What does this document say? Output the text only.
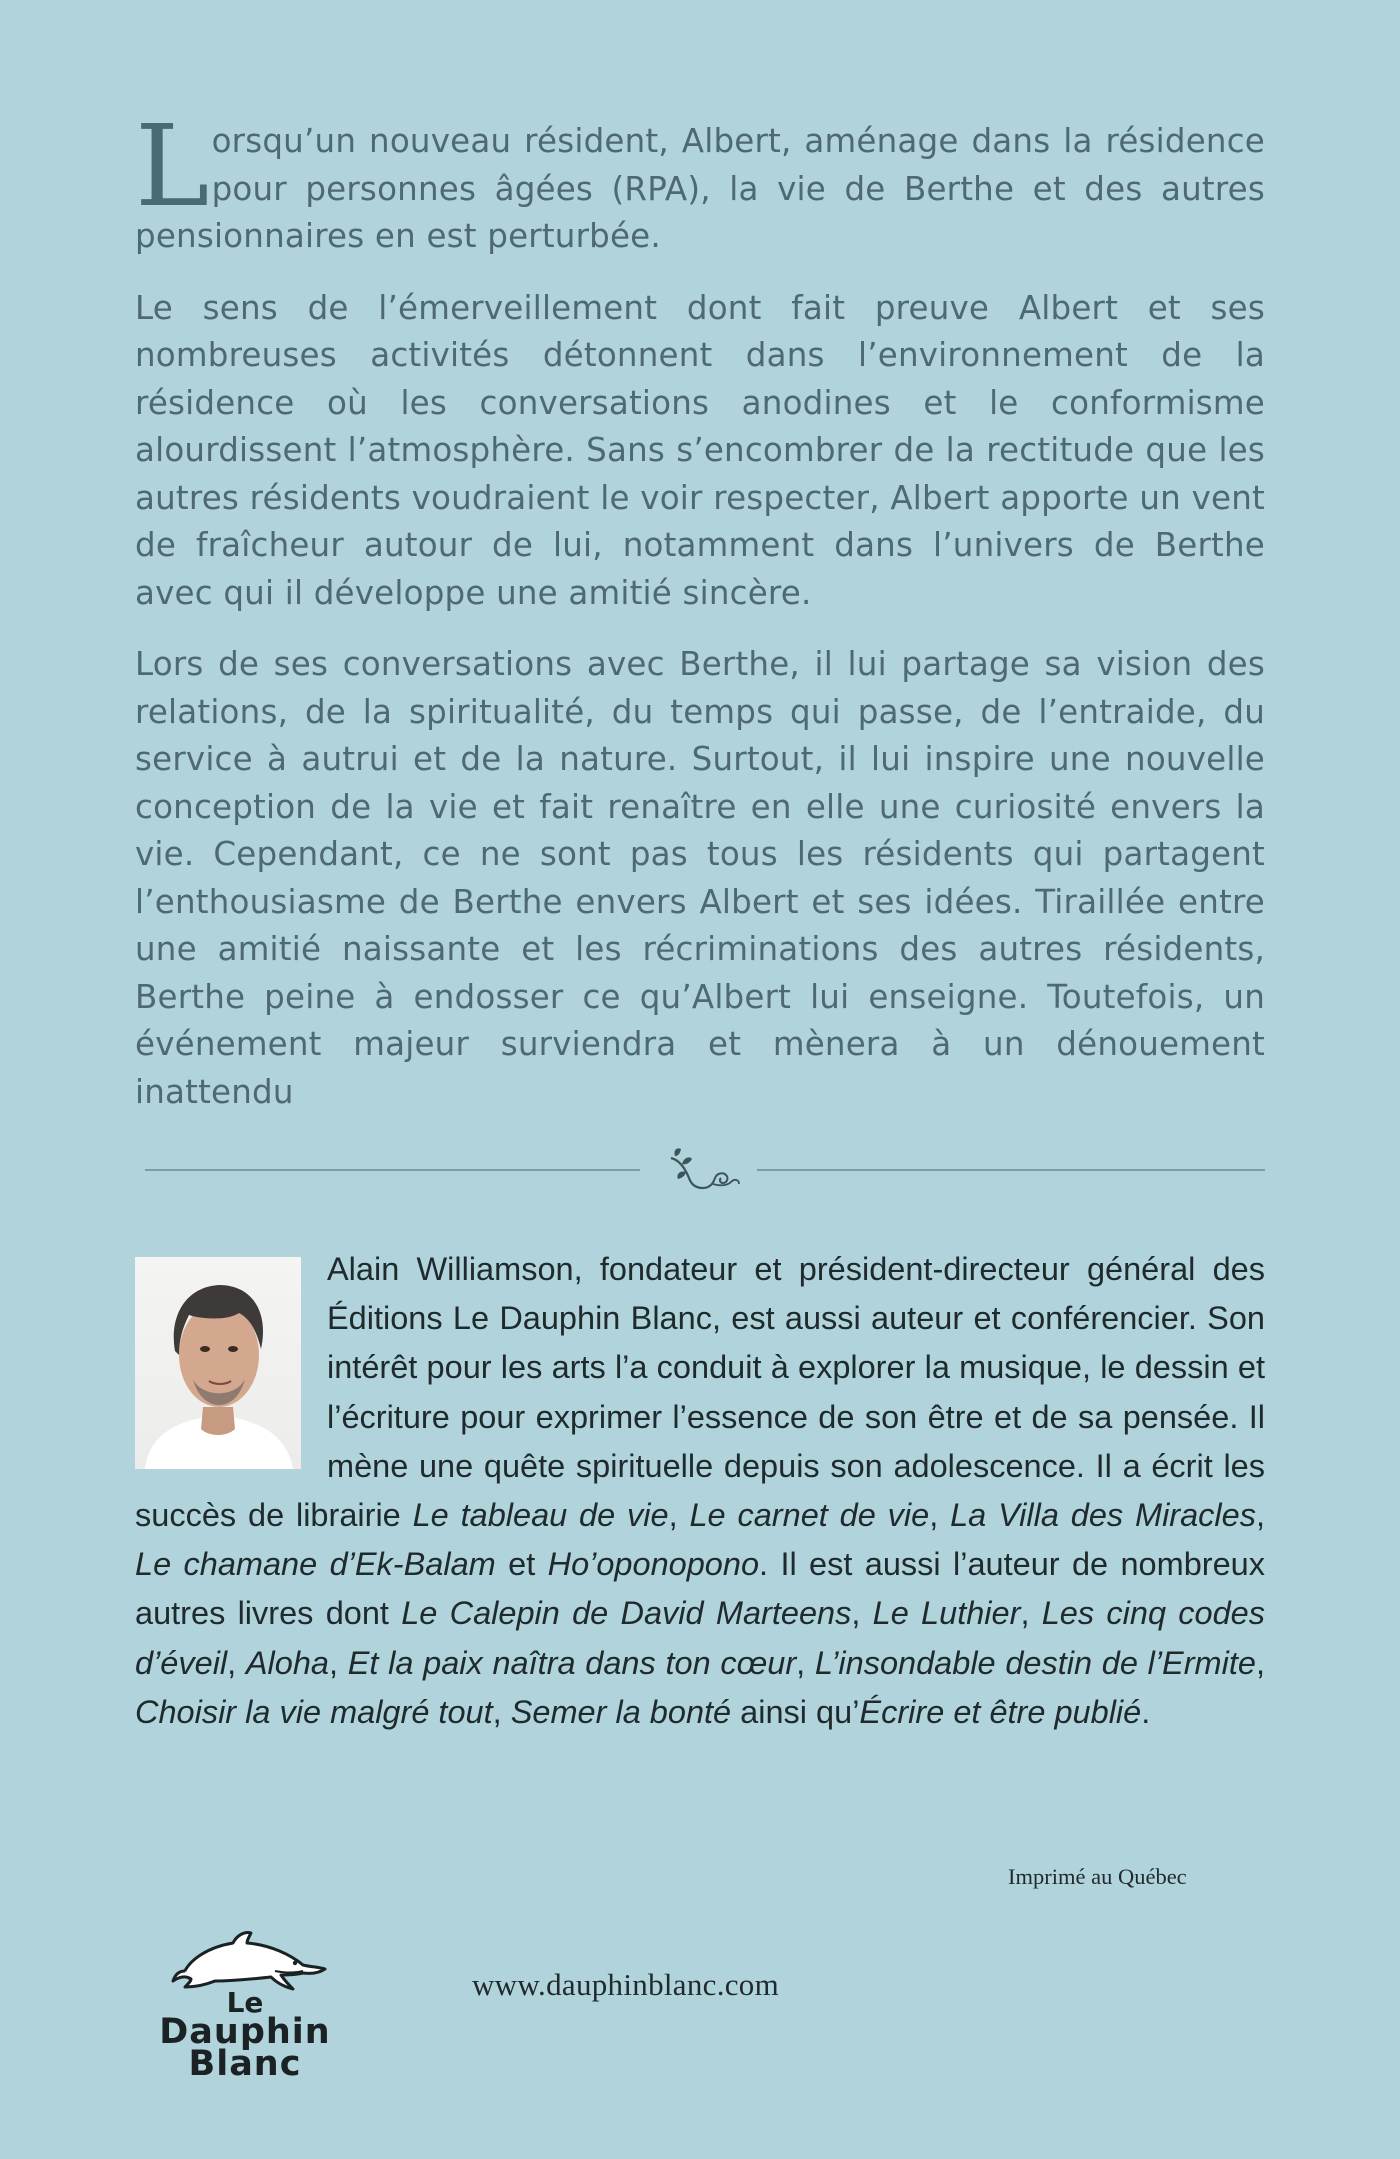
Lorsqu’un nouveau résident, Albert, aménage dans la résidence pour personnes âgées (RPA), la vie de Berthe et des autres pensionnaires en est perturbée.

Le sens de l’émerveillement dont fait preuve Albert et ses nombreuses activités détonnent dans l’environnement de la résidence où les conversations anodines et le conformisme alourdissent l’atmosphère. Sans s’encombrer de la rectitude que les autres résidents voudraient le voir respecter, Albert apporte un vent de fraîcheur autour de lui, notamment dans l’univers de Berthe avec qui il développe une amitié sincère.

Lors de ses conversations avec Berthe, il lui partage sa vision des relations, de la spiritualité, du temps qui passe, de l’entraide, du service à autrui et de la nature. Surtout, il lui inspire une nouvelle conception de la vie et fait renaître en elle une curiosité envers la vie. Cependant, ce ne sont pas tous les résidents qui partagent l’enthousiasme de Berthe envers Albert et ses idées. Tiraillée entre une amitié naissante et les récriminations des autres résidents, Berthe peine à endosser ce qu’Albert lui enseigne. Toutefois, un événement majeur surviendra et mènera à un dénouement inattendu

Alain Williamson, fondateur et président-directeur général des Éditions Le Dauphin Blanc, est aussi auteur et conférencier. Son intérêt pour les arts l’a conduit à explorer la musique, le dessin et l’écriture pour exprimer l’essence de son être et de sa pensée. Il mène une quête spirituelle depuis son adolescence. Il a écrit les succès de librairie Le tableau de vie, Le carnet de vie, La Villa des Miracles, Le chamane d’Ek-Balam et Ho’oponopono. Il est aussi l’auteur de nombreux autres livres dont Le Calepin de David Marteens, Le Luthier, Les cinq codes d’éveil, Aloha, Et la paix naîtra dans ton cœur, L’insondable destin de l’Ermite, Choisir la vie malgré tout, Semer la bonté ainsi qu’Écrire et être publié.

Imprimé au Québec
Le
Dauphin
Blanc
www.dauphinblanc.com
